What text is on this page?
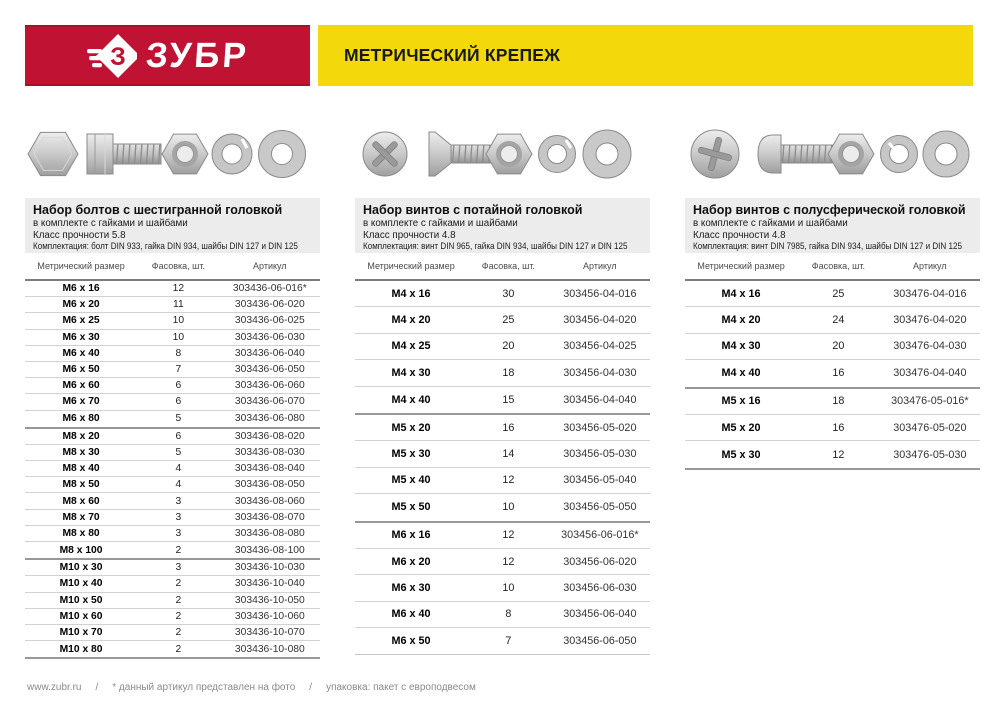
З ЗУБР	МЕТРИЧЕСКИЙ КРЕПЕЖ
Набор болтов с шестигранной головкой
в комплекте с гайками и шайбами
Класс прочности 5.8
Комплектация: болт DIN 933, гайка DIN 934, шайбы DIN 127 и DIN 125
Метрический размер	Фасовка, шт.	Артикул
M6 x 16	12	303436-06-016*
M6 x 20	11	303436-06-020
M6 x 25	10	303436-06-025
M6 x 30	10	303436-06-030
M6 x 40	8	303436-06-040
M6 x 50	7	303436-06-050
M6 x 60	6	303436-06-060
M6 x 70	6	303436-06-070
M6 x 80	5	303436-06-080
M8 x 20	6	303436-08-020
M8 x 30	5	303436-08-030
M8 x 40	4	303436-08-040
M8 x 50	4	303436-08-050
M8 x 60	3	303436-08-060
M8 x 70	3	303436-08-070
M8 x 80	3	303436-08-080
M8 x 100	2	303436-08-100
M10 x 30	3	303436-10-030
M10 x 40	2	303436-10-040
M10 x 50	2	303436-10-050
M10 x 60	2	303436-10-060
M10 x 70	2	303436-10-070
M10 x 80	2	303436-10-080
Набор винтов с потайной головкой
в комплекте с гайками и шайбами
Класс прочности 4.8
Комплектация: винт DIN 965, гайка DIN 934, шайбы DIN 127 и DIN 125
Метрический размер	Фасовка, шт.	Артикул
M4 x 16	30	303456-04-016
M4 x 20	25	303456-04-020
M4 x 25	20	303456-04-025
M4 x 30	18	303456-04-030
M4 x 40	15	303456-04-040
M5 x 20	16	303456-05-020
M5 x 30	14	303456-05-030
M5 x 40	12	303456-05-040
M5 x 50	10	303456-05-050
M6 x 16	12	303456-06-016*
M6 x 20	12	303456-06-020
M6 x 30	10	303456-06-030
M6 x 40	8	303456-06-040
M6 x 50	7	303456-06-050
Набор винтов с полусферической головкой
в комплекте с гайками и шайбами
Класс прочности 4.8
Комплектация: винт DIN 7985, гайка DIN 934, шайбы DIN 127 и DIN 125
Метрический размер	Фасовка, шт.	Артикул
M4 x 16	25	303476-04-016
M4 x 20	24	303476-04-020
M4 x 30	20	303476-04-030
M4 x 40	16	303476-04-040
M5 x 16	18	303476-05-016*
M5 x 20	16	303476-05-020
M5 x 30	12	303476-05-030
www.zubr.ru / * данный артикул представлен на фото / упаковка: пакет с европодвесом
